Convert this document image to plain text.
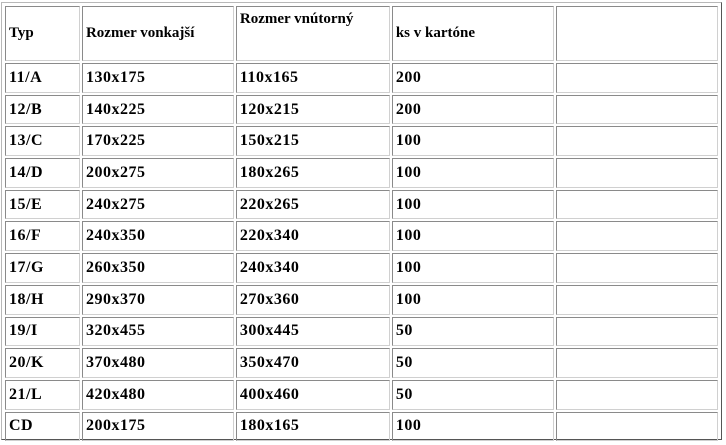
Typ	Rozmer vonkajší	Rozmer vnútorný	ks v kartóne	
11/A	130x175	110x165	200	
12/B	140x225	120x215	200	
13/C	170x225	150x215	100	
14/D	200x275	180x265	100	
15/E	240x275	220x265	100	
16/F	240x350	220x340	100	
17/G	260x350	240x340	100	
18/H	290x370	270x360	100	
19/I	320x455	300x445	50	
20/K	370x480	350x470	50	
21/L	420x480	400x460	50	
CD	200x175	180x165	100	
